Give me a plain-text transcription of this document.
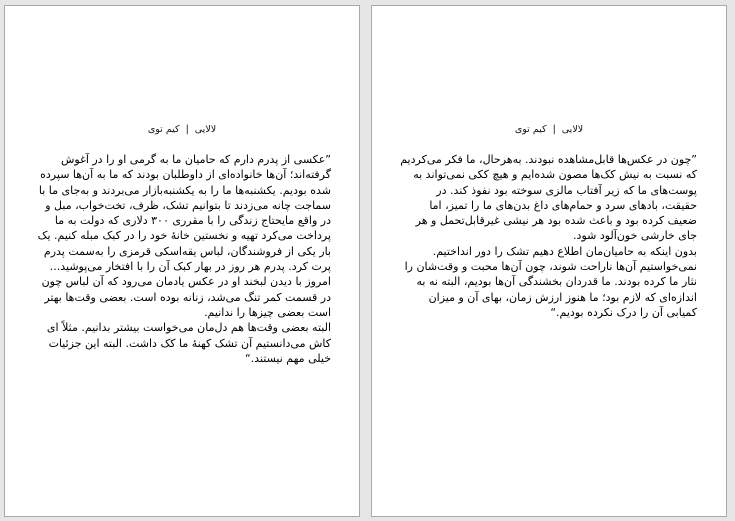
لالایی|کیم توی

”عکسی از پدرم دارم که حامیان ما به گرمی او را در آغوش گرفته‌اند؛ آن‌ها خانواده‌ای از داوطلبان بودند که ما به آن‌ها سپرده شده بودیم. یکشنبه‌ها ما را به یکشنبه‌بازار می‌بردند و به‌جای ما با سماجت چانه می‌زدند تا بتوانیم تشک، ظرف، تخت‌خواب، مبل و در واقع مایحتاج زندگی را با مقرری ۳۰۰ دلاری که دولت به ما پرداخت می‌کرد تهیه و نخستین خانهٔ خود را در کبک مبله کنیم. یک بار یکی از فروشندگان، لباس یقه‌اسکی قرمزی را به‌سمت پدرم پرت کرد. پدرم هر روز در بهار کبک آن را با افتخار می‌پوشید... امروز با دیدن لبخند او در عکس یادمان می‌رود که آن لباس چون در قسمت کمر تنگ می‌شد، زنانه بوده است. بعضی وقت‌ها بهتر است بعضی چیزها را ندانیم.

البته بعضی وقت‌ها هم دل‌مان می‌خواست بیشتر بدانیم. مثلاً ای کاش می‌دانستیم آن تشک کهنهٔ ما کک داشت. البته این جزئیات خیلی مهم نیستند.“

لالایی|کیم توی

”چون در عکس‌ها قابل‌مشاهده نبودند. به‌هرحال، ما فکر می‌کردیم که نسبت به نیش کک‌ها مصون شده‌ایم و هیچ ککی نمی‌تواند به پوست‌های ما که زیر آفتاب مالزی سوخته بود نفوذ کند. در حقیقت، بادهای سرد و حمام‌های داغ بدن‌های ما را تمیز، اما ضعیف کرده بود و باعث شده بود هر نیشی غیرقابل‌تحمل و هر جای خارشی خون‌آلود شود.

بدون اینکه به حامیان‌مان اطلاع دهیم تشک را دور انداختیم. نمی‌خواستیم آن‌ها ناراحت شوند، چون آن‌ها محبت و وقت‌شان را نثار ما کرده بودند. ما قدردان بخشندگی آن‌ها بودیم، البته نه به اندازه‌ای که لازم بود؛ ما هنوز ارزش زمان، بهای آن و میزان کمیابی آن را درک نکرده بودیم.“
